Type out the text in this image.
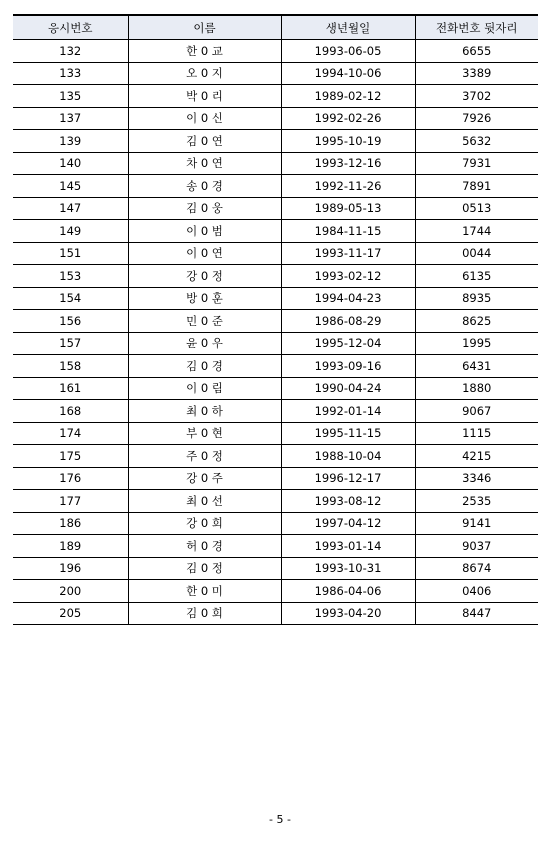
응시번호	이름	생년월일	전화번호 뒷자리
132	한 0 교	1993-06-05	6655
133	오 0 지	1994-10-06	3389
135	박 0 리	1989-02-12	3702
137	이 0 신	1992-02-26	7926
139	김 0 연	1995-10-19	5632
140	차 0 연	1993-12-16	7931
145	송 0 경	1992-11-26	7891
147	김 0 웅	1989-05-13	0513
149	이 0 범	1984-11-15	1744
151	이 0 연	1993-11-17	0044
153	강 0 정	1993-02-12	6135
154	방 0 훈	1994-04-23	8935
156	민 0 준	1986-08-29	8625
157	윤 0 우	1995-12-04	1995
158	김 0 경	1993-09-16	6431
161	이 0 림	1990-04-24	1880
168	최 0 하	1992-01-14	9067
174	부 0 현	1995-11-15	1115
175	주 0 정	1988-10-04	4215
176	강 0 주	1996-12-17	3346
177	최 0 선	1993-08-12	2535
186	강 0 희	1997-04-12	9141
189	허 0 경	1993-01-14	9037
196	김 0 정	1993-10-31	8674
200	한 0 미	1986-04-06	0406
205	김 0 희	1993-04-20	8447
- 5 -
